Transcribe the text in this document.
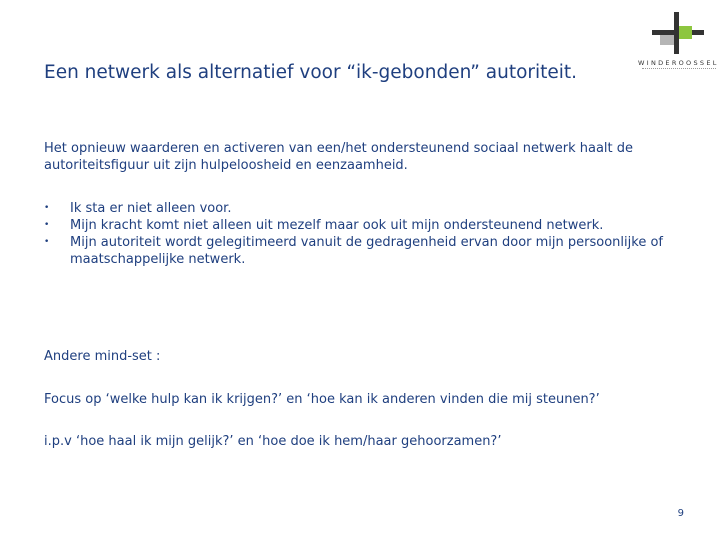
WINDEROOSSEL
Een netwerk als alternatief voor “ik-gebonden” autoriteit.

Het opnieuw waarderen en activeren van een/het ondersteunend sociaal netwerk haalt de autoriteitsfiguur uit zijn hulpeloosheid en eenzaamheid.

• Ik sta er niet alleen voor.
• Mijn kracht komt niet alleen uit mezelf maar ook uit mijn ondersteunend netwerk.
• Mijn autoriteit wordt gelegitimeerd vanuit de gedragenheid ervan door mijn persoonlijke of maatschappelijke netwerk.

Andere mind-set :

Focus op ‘welke hulp kan ik krijgen?’ en ‘hoe kan ik anderen vinden die mij steunen?’

i.p.v ‘hoe haal ik mijn gelijk?’ en ‘hoe doe ik hem/haar gehoorzamen?’

9
